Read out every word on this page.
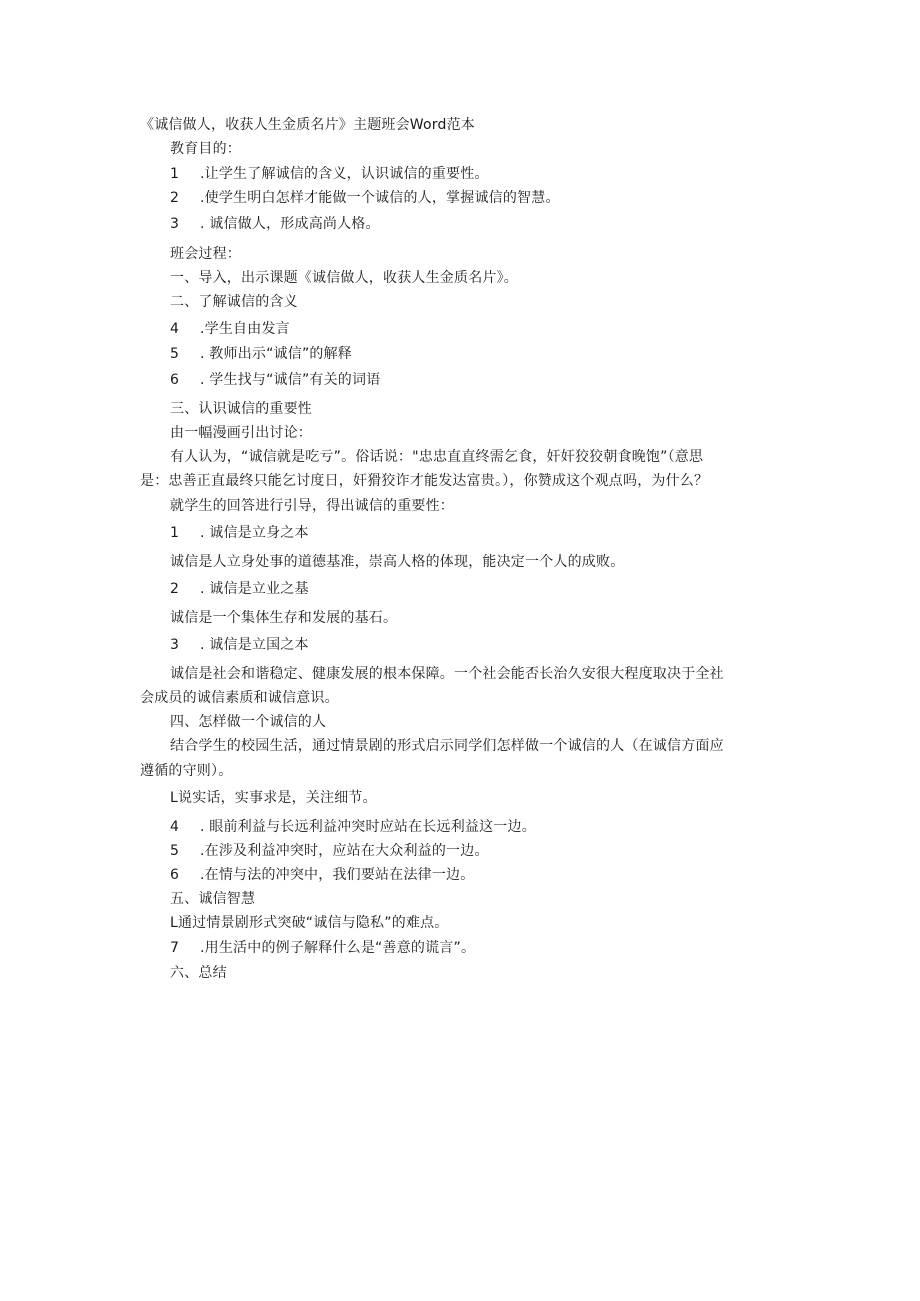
《诚信做人，收获人生金质名片》主题班会Word范本
教育目的：
1 .让学生了解诚信的含义，认识诚信的重要性。
2 .使学生明白怎样才能做一个诚信的人，掌握诚信的智慧。
3 . 诚信做人，形成高尚人格。
班会过程：
一、导入，出示课题《诚信做人，收获人生金质名片》。
二、了解诚信的含义
4 .学生自由发言
5 . 教师出示“诚信”的解释
6 . 学生找与“诚信”有关的词语
三、认识诚信的重要性
由一幅漫画引出讨论：
有人认为，“诚信就是吃亏”。俗话说："忠忠直直终需乞食，奸奸狡狡朝食晚饱”（意思
是：忠善正直最终只能乞讨度日，奸猾狡诈才能发达富贵。），你赞成这个观点吗，为什么？
就学生的回答进行引导，得出诚信的重要性：
1 . 诚信是立身之本
诚信是人立身处事的道德基准，崇高人格的体现，能决定一个人的成败。
2 . 诚信是立业之基
诚信是一个集体生存和发展的基石。
3 . 诚信是立国之本
诚信是社会和谐稳定、健康发展的根本保障。一个社会能否长治久安很大程度取决于全社
会成员的诚信素质和诚信意识。
四、怎样做一个诚信的人
结合学生的校园生活，通过情景剧的形式启示同学们怎样做一个诚信的人（在诚信方面应
遵循的守则）。
L说实话，实事求是，关注细节。
4 . 眼前利益与长远利益冲突时应站在长远利益这一边。
5 .在涉及利益冲突时，应站在大众利益的一边。
6 .在情与法的冲突中，我们要站在法律一边。
五、诚信智慧
L通过情景剧形式突破“诚信与隐私”的难点。
7 .用生活中的例子解释什么是“善意的谎言”。
六、总结
